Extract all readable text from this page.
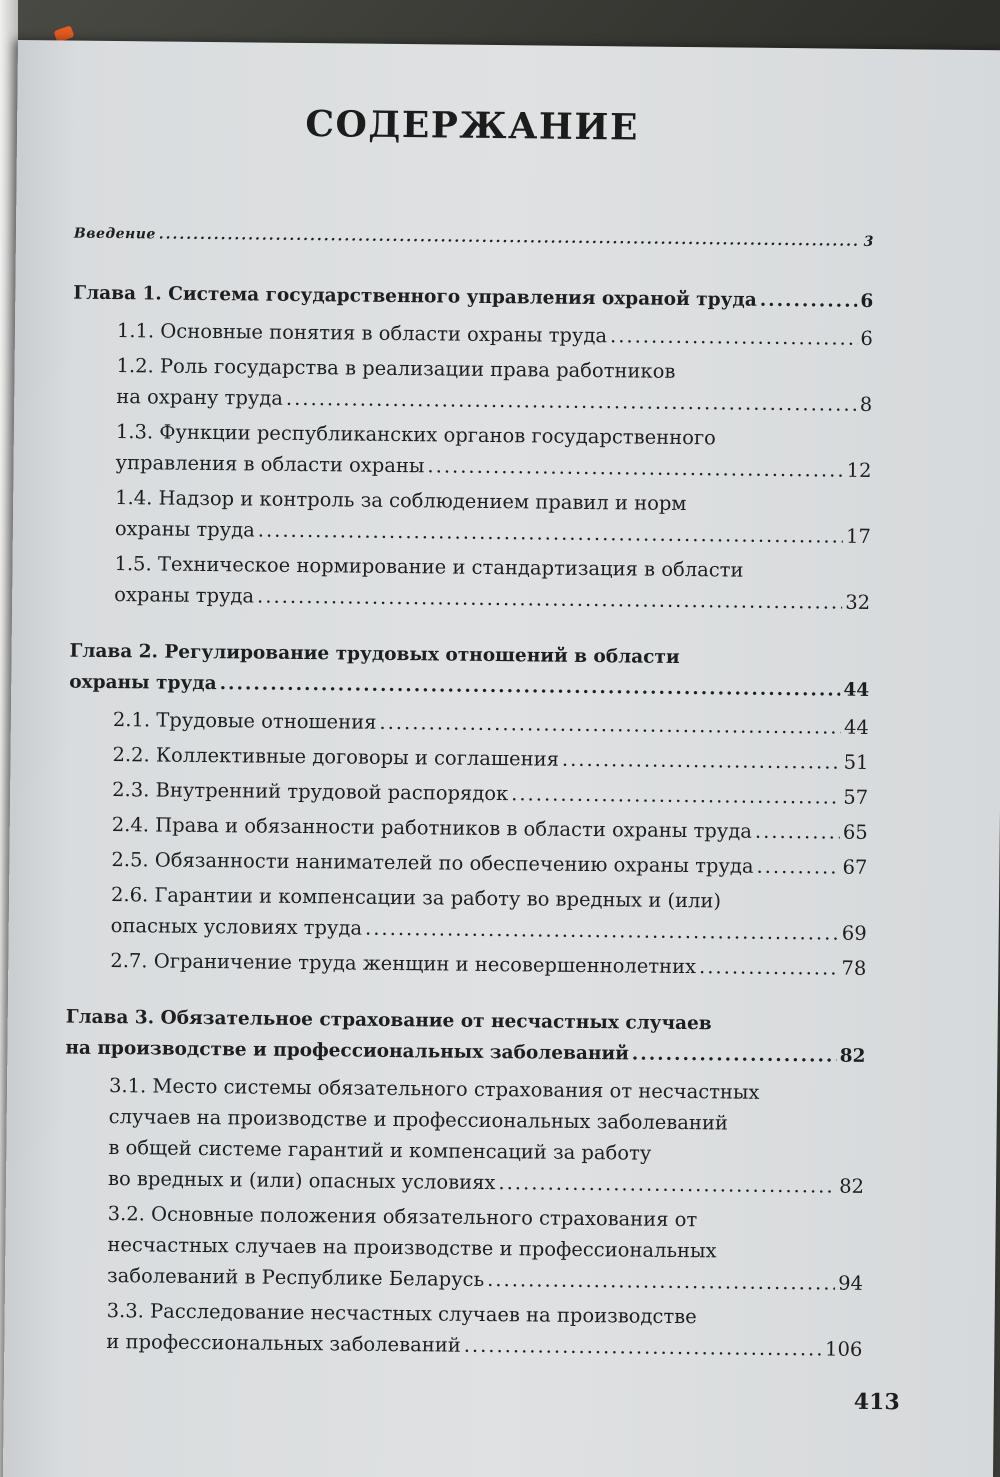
СОДЕРЖАНИЕ
Введение .....	3
Глава 1. Система государственного управления охраной труда .....	6
1.1. Основные понятия в области охраны труда .....	6
1.2. Роль государства в реализации права работников
на охрану труда .....	8
1.3. Функции республиканских органов государственного
управления в области охраны .....	12
1.4. Надзор и контроль за соблюдением правил и норм
охраны труда .....	17
1.5. Техническое нормирование и стандартизация в области
охраны труда .....	32
Глава 2. Регулирование трудовых отношений в области
охраны труда .....	44
2.1. Трудовые отношения .....	44
2.2. Коллективные договоры и соглашения .....	51
2.3. Внутренний трудовой распорядок .....	57
2.4. Права и обязанности работников в области охраны труда .....	65
2.5. Обязанности нанимателей по обеспечению охраны труда .....	67
2.6. Гарантии и компенсации за работу во вредных и (или)
опасных условиях труда .....	69
2.7. Ограничение труда женщин и несовершеннолетних .....	78
Глава 3. Обязательное страхование от несчастных случаев
на производстве и профессиональных заболеваний .....	82
3.1. Место системы обязательного страхования от несчастных
случаев на производстве и профессиональных заболеваний
в общей системе гарантий и компенсаций за работу
во вредных и (или) опасных условиях .....	82
3.2. Основные положения обязательного страхования от
несчастных случаев на производстве и профессиональных
заболеваний в Республике Беларусь .....	94
3.3. Расследование несчастных случаев на производстве
и профессиональных заболеваний .....	106
413
